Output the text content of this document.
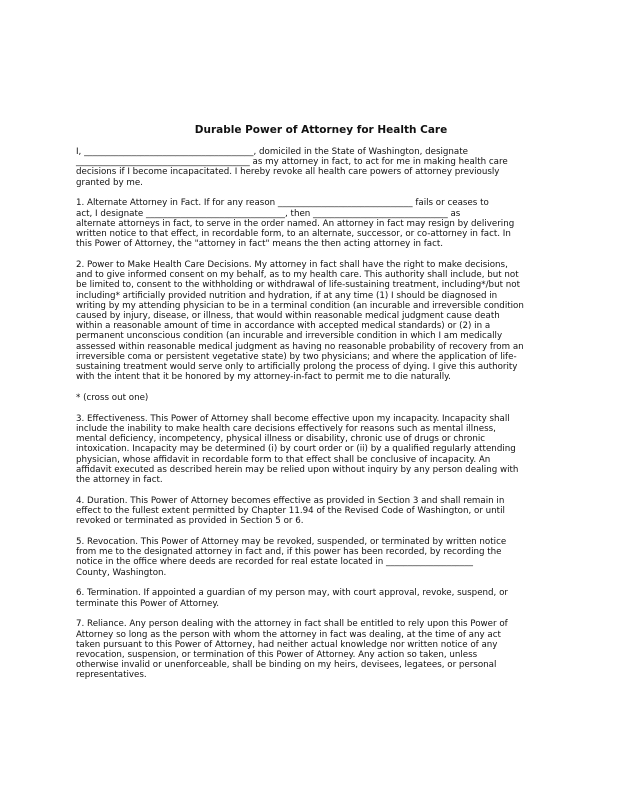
Durable Power of Attorney for Health Care
I, _______________________________________, domiciled in the State of Washington, designate
________________________________________ as my attorney in fact, to act for me in making health care
decisions if I become incapacitated. I hereby revoke all health care powers of attorney previously
granted by me.
1. Alternate Attorney in Fact. If for any reason _______________________________ fails or ceases to
act, I designate ________________________________, then _______________________________ as
alternate attorneys in fact, to serve in the order named. An attorney in fact may resign by delivering
written notice to that effect, in recordable form, to an alternate, successor, or co-attorney in fact. In
this Power of Attorney, the "attorney in fact" means the then acting attorney in fact.
2. Power to Make Health Care Decisions. My attorney in fact shall have the right to make decisions,
and to give informed consent on my behalf, as to my health care. This authority shall include, but not
be limited to, consent to the withholding or withdrawal of life-sustaining treatment, including*/but not
including* artificially provided nutrition and hydration, if at any time (1) I should be diagnosed in
writing by my attending physician to be in a terminal condition (an incurable and irreversible condition
caused by injury, disease, or illness, that would within reasonable medical judgment cause death
within a reasonable amount of time in accordance with accepted medical standards) or (2) in a
permanent unconscious condition (an incurable and irreversible condition in which I am medically
assessed within reasonable medical judgment as having no reasonable probability of recovery from an
irreversible coma or persistent vegetative state) by two physicians; and where the application of life-
sustaining treatment would serve only to artificially prolong the process of dying. I give this authority
with the intent that it be honored by my attorney-in-fact to permit me to die naturally.
* (cross out one)
3. Effectiveness. This Power of Attorney shall become effective upon my incapacity. Incapacity shall
include the inability to make health care decisions effectively for reasons such as mental illness,
mental deficiency, incompetency, physical illness or disability, chronic use of drugs or chronic
intoxication. Incapacity may be determined (i) by court order or (ii) by a qualified regularly attending
physician, whose affidavit in recordable form to that effect shall be conclusive of incapacity. An
affidavit executed as described herein may be relied upon without inquiry by any person dealing with
the attorney in fact.
4. Duration. This Power of Attorney becomes effective as provided in Section 3 and shall remain in
effect to the fullest extent permitted by Chapter 11.94 of the Revised Code of Washington, or until
revoked or terminated as provided in Section 5 or 6.
5. Revocation. This Power of Attorney may be revoked, suspended, or terminated by written notice
from me to the designated attorney in fact and, if this power has been recorded, by recording the
notice in the office where deeds are recorded for real estate located in ____________________
County, Washington.
6. Termination. If appointed a guardian of my person may, with court approval, revoke, suspend, or
terminate this Power of Attorney.
7. Reliance. Any person dealing with the attorney in fact shall be entitled to rely upon this Power of
Attorney so long as the person with whom the attorney in fact was dealing, at the time of any act
taken pursuant to this Power of Attorney, had neither actual knowledge nor written notice of any
revocation, suspension, or termination of this Power of Attorney. Any action so taken, unless
otherwise invalid or unenforceable, shall be binding on my heirs, devisees, legatees, or personal
representatives.
